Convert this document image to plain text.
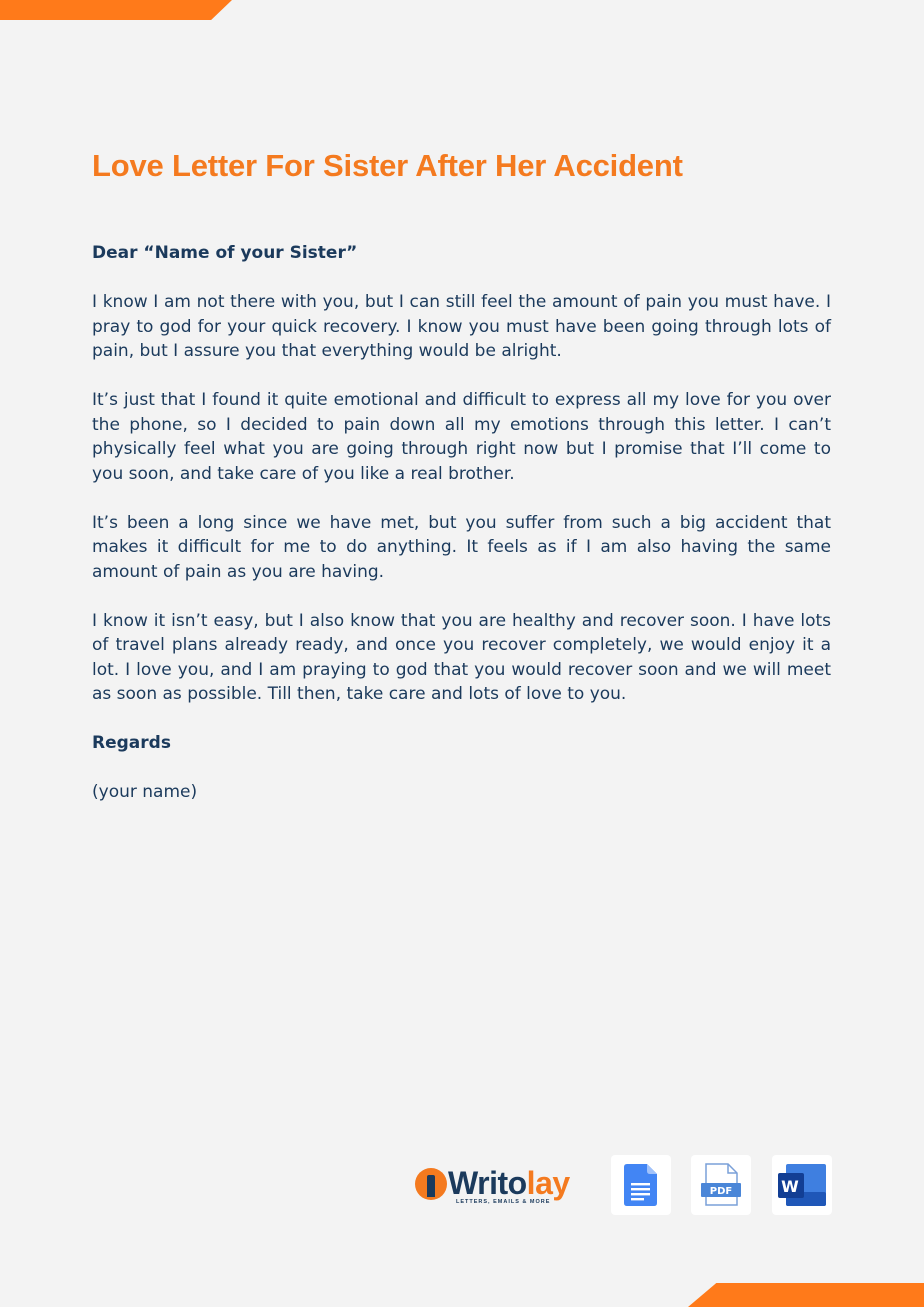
Love Letter For Sister After Her Accident

Dear “Name of your Sister”

I know I am not there with you, but I can still feel the amount of pain you must have. I pray to god for your quick recovery. I know you must have been going through lots of pain, but I assure you that everything would be alright.

It’s just that I found it quite emotional and difficult to express all my love for you over the phone, so I decided to pain down all my emotions through this letter. I can’t physically feel what you are going through right now but I promise that I’ll come to you soon, and take care of you like a real brother.

It’s been a long since we have met, but you suffer from such a big accident that makes it difficult for me to do anything. It feels as if I am also having the same amount of pain as you are having.

I know it isn’t easy, but I also know that you are healthy and recover soon. I have lots of travel plans already ready, and once you recover completely, we would enjoy it a lot. I love you, and I am praying to god that you would recover soon and we will meet as soon as possible. Till then, take care and lots of love to you.

Regards

(your name)

Writolay
LETTERS, EMAILS & MORE
PDF	W
